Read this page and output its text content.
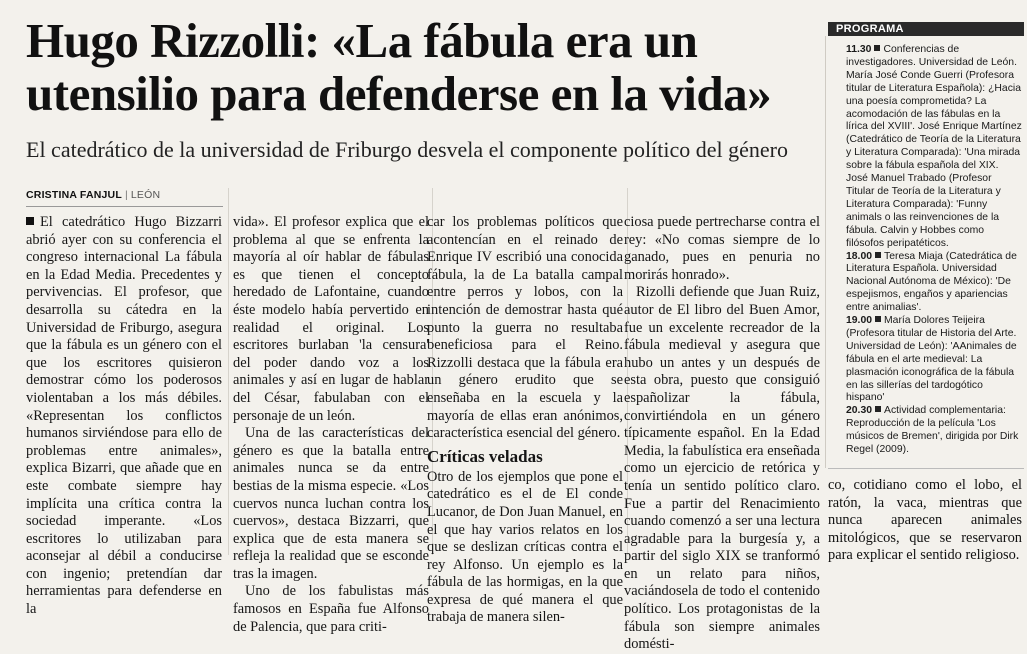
Hugo Rizzolli: «La fábula era un
utensilio para defenderse en la vida»
El catedrático de la universidad de Friburgo desvela el componente político del género
CRISTINA FANJUL | LEÓN

El catedrático Hugo Bizzarri abrió ayer con su conferencia el congreso internacional La fábula en la Edad Media. Precedentes y pervivencias. El profesor, que desarrolla su cátedra en la Universidad de Friburgo, asegura que la fábula es un género con el que los escritores quisieron demostrar cómo los poderosos violentaban a los más débiles. «Representan los conflictos humanos sirviéndose para ello de problemas entre animales», explica Bizarri, que añade que en este combate siempre hay implícita una crítica contra la sociedad imperante. «Los escritores lo utilizaban para aconsejar al débil a conducirse con ingenio; pretendían dar herramientas para defenderse en la

vida». El profesor explica que el problema al que se enfrenta la mayoría al oír hablar de fábulas es que tienen el concepto heredado de Lafontaine, cuando éste modelo había pervertido en realidad el original. Los escritores burlaban 'la censura' del poder dando voz a los animales y así en lugar de hablar del César, fabulaban con el personaje de un león.

Una de las características del género es que la batalla entre animales nunca se da entre bestias de la misma especie. «Los cuervos nunca luchan contra los cuervos», destaca Bizzarri, que explica que de esta manera se refleja la realidad que se esconde tras la imagen.

Uno de los fabulistas más famosos en España fue Alfonso de Palencia, que para criti-

car los problemas políticos que acontencían en el reinado de Enrique IV escribió una conocida fábula, la de La batalla campal entre perros y lobos, con la intención de demostrar hasta qué punto la guerra no resultaba beneficiosa para el Reino. Rizzolli destaca que la fábula era un género erudito que se enseñaba en la escuela y la mayoría de ellas eran anónimos, característica esencial del género.

Críticas veladas

Otro de los ejemplos que pone el catedrático es el de El conde Lucanor, de Don Juan Manuel, en el que hay varios relatos en los que se deslizan críticas contra el rey Alfonso. Un ejemplo es la fábula de las hormigas, en la que expresa de qué manera el que trabaja de manera silen-

ciosa puede pertrecharse contra el rey: «No comas siempre de lo ganado, pues en penuria no morirás honrado».

Rizolli defiende que Juan Ruiz, autor de El libro del Buen Amor, fue un excelente recreador de la fábula medieval y asegura que hubo un antes y un después de esta obra, puesto que consiguió españolizar la fábula, convirtiéndola en un género típicamente español. En la Edad Media, la fabulística era enseñada como un ejercicio de retórica y tenía un sentido político claro. Fue a partir del Renacimiento cuando comenzó a ser una lectura agradable para la burgesía y, a partir del siglo XIX se tranformó en un relato para niños, vaciándosela de todo el contenido político. Los protagonistas de la fábula son siempre animales domésti-

PROGRAMA

11.30 Conferencias de investigadores. Universidad de León. María José Conde Guerri (Profesora titular de Literatura Española): ¿Hacia una poesía comprometida? La acomodación de las fábulas en la lírica del XVIII'. José Enrique Martínez (Catedrático de Teoría de la Literatura y Literatura Comparada): 'Una mirada sobre la fábula española del XIX. José Manuel Trabado (Profesor Titular de Teoría de la Literatura y Literatura Comparada): 'Funny animals o las reinvenciones de la fábula. Calvin y Hobbes como filósofos peripatéticos.

18.00 Teresa Miaja (Catedrática de Literatura Española. Universidad Nacional Autónoma de México): 'De espejismos, engaños y apariencias entre animalias'.

19.00 María Dolores Teijeira (Profesora titular de Historia del Arte. Universidad de León): 'AAnimales de fábula en el arte medieval: La plasmación iconográfica de la fábula en las sillerías del tardogótico hispano'

20.30 Actividad complementaria: Reproducción de la película 'Los músicos de Bremen', dirigida por Dirk Regel (2009).

co, cotidiano como el lobo, el ratón, la vaca, mientras que nunca aparecen animales mitológicos, que se reservaron para explicar el sentido religioso.
